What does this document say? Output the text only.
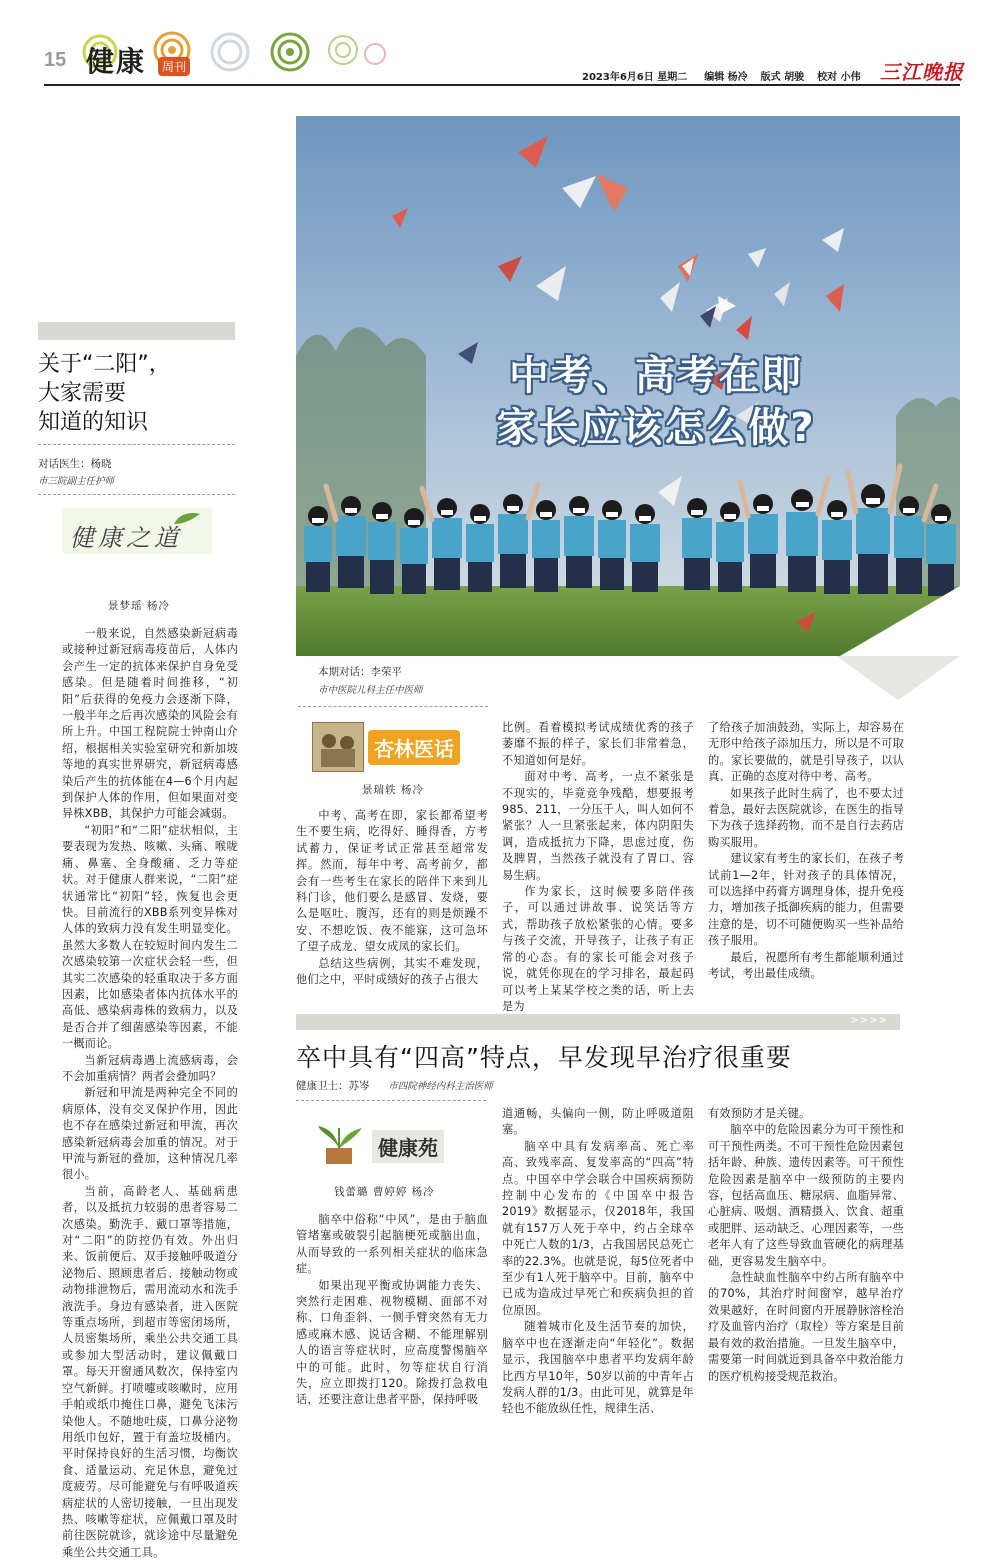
15 健康	周刊
2023年6月6日 星期二 编辑 杨冷 版式 胡骏 校对 小伟 三江晚报
关于“二阳”，
大家需要
知道的知识
对话医生：杨晓
市三院副主任护师
健康之道
景梦瑶 杨冷

一般来说，自然感染新冠病毒或接种过新冠病毒疫苗后，人体内会产生一定的抗体来保护自身免受感染。但是随着时间推移，“初阳”后获得的免疫力会逐渐下降，一般半年之后再次感染的风险会有所上升。中国工程院院士钟南山介绍，根据相关实验室研究和新加坡等地的真实世界研究，新冠病毒感染后产生的抗体能在4—6个月内起到保护人体的作用，但如果面对变异株XBB，其保护力可能会减弱。

“初阳”和“二阳”症状相似，主要表现为发热、咳嗽、头痛、喉咙痛、鼻塞、全身酸痛、乏力等症状。对于健康人群来说，“二阳”症状通常比“初阳”轻，恢复也会更快。目前流行的XBB系列变异株对人体的致病力没有发生明显变化。虽然大多数人在较短时间内发生二次感染较第一次症状会轻一些，但其实二次感染的轻重取决于多方面因素，比如感染者体内抗体水平的高低、感染病毒株的致病力，以及是否合并了细菌感染等因素，不能一概而论。

当新冠病毒遇上流感病毒，会不会加重病情？两者会叠加吗？

新冠和甲流是两种完全不同的病原体，没有交叉保护作用，因此也不存在感染过新冠和甲流，再次感染新冠病毒会加重的情况。对于甲流与新冠的叠加，这种情况几率很小。

当前，高龄老人、基础病患者，以及抵抗力较弱的患者容易二次感染。勤洗手、戴口罩等措施，对“二阳”的防控仍有效。外出归来、饭前便后、双手接触呼吸道分泌物后、照顾患者后、接触动物或动物排泄物后，需用流动水和洗手液洗手。身边有感染者，进入医院等重点场所，到超市等密闭场所，人员密集场所，乘坐公共交通工具或参加大型活动时，建议佩戴口罩。每天开窗通风数次，保持室内空气新鲜。打喷嚏或咳嗽时，应用手帕或纸巾掩住口鼻，避免飞沫污染他人。不随地吐痰，口鼻分泌物用纸巾包好，置于有盖垃圾桶内。平时保持良好的生活习惯，均衡饮食、适量运动、充足休息，避免过度疲劳。尽可能避免与有呼吸道疾病症状的人密切接触，一旦出现发热、咳嗽等症状，应佩戴口罩及时前往医院就诊，就诊途中尽量避免乘坐公共交通工具。

中考、高考在即
家长应该怎么做?
本期对话：李荣平
市中医院儿科主任中医师
杏林医话
景瑞轶 杨冷

中考、高考在即，家长都希望考生不要生病，吃得好、睡得香，方考试蓄力，保证考试正常甚至超常发挥。然而，每年中考、高考前夕，都会有一些考生在家长的陪伴下来到儿科门诊，他们要么是感冒、发烧，要么是呕吐、腹泻，还有的则是烦躁不安、不想吃饭、夜不能寐，这可急坏了望子成龙、望女成凤的家长们。

总结这些病例，其实不难发现，他们之中，平时成绩好的孩子占很大

比例。看着模拟考试成绩优秀的孩子萎靡不振的样子，家长们非常着急，不知道如何是好。

面对中考、高考，一点不紧张是不现实的，毕竟竞争残酷，想要报考985、211，一分压千人，叫人如何不紧张？人一旦紧张起来，体内阴阳失调，造成抵抗力下降，思虑过度，伤及脾胃，当然孩子就没有了胃口、容易生病。

作为家长，这时候要多陪伴孩子，可以通过讲故事、说笑话等方式，帮助孩子放松紧张的心情。要多与孩子交流，开导孩子，让孩子有正常的心态。有的家长可能会对孩子说，就凭你现在的学习排名，最起码可以考上某某学校之类的话，听上去是为

了给孩子加油鼓劲，实际上，却容易在无形中给孩子添加压力，所以是不可取的。家长要做的，就是引导孩子，以认真、正确的态度对待中考、高考。

如果孩子此时生病了，也不要太过着急，最好去医院就诊，在医生的指导下为孩子选择药物，而不是自行去药店购买服用。

建议家有考生的家长们，在孩子考试前1—2年，针对孩子的具体情况，可以选择中药膏方调理身体，提升免疫力，增加孩子抵御疾病的能力，但需要注意的是，切不可随便购买一些补品给孩子服用。

最后，祝愿所有考生都能顺利通过考试，考出最佳成绩。

>>>>
卒中具有“四高”特点，早发现早治疗很重要
健康卫士：苏岑 市四院神经内科主治医师
健康苑
钱蕾璐 曹婷婷 杨冷

脑卒中俗称“中风”，是由于脑血管堵塞或破裂引起脑梗死或脑出血，从而导致的一系列相关症状的临床急症。

如果出现平衡或协调能力丧失、突然行走困难、视物模糊、面部不对称、口角歪斜、一侧手臂突然有无力感或麻木感、说话含糊、不能理解别人的语言等症状时，应高度警惕脑卒中的可能。此时，勿等症状自行消失，应立即拨打120。除拨打急救电话，还要注意让患者平卧，保持呼吸

道通畅，头偏向一侧，防止呼吸道阻塞。

脑卒中具有发病率高、死亡率高、致残率高、复发率高的“四高”特点。中国卒中学会联合中国疾病预防控制中心发布的《中国卒中报告2019》数据显示，仅2018年，我国就有157万人死于卒中，约占全球卒中死亡人数的1/3，占我国居民总死亡率的22.3%。也就是说，每5位死者中至少有1人死于脑卒中。目前，脑卒中已成为造成过早死亡和疾病负担的首位原因。

随着城市化及生活节奏的加快，脑卒中也在逐渐走向“年轻化”。数据显示，我国脑卒中患者平均发病年龄比西方早10年，50岁以前的中青年占发病人群的1/3。由此可见，就算是年轻也不能放纵任性，规律生活、

有效预防才是关键。

脑卒中的危险因素分为可干预性和可干预性两类。不可干预性危险因素包括年龄、种族、遗传因素等。可干预性危险因素是脑卒中一级预防的主要内容，包括高血压、糖尿病、血脂异常、心脏病、吸烟、酒精摄入、饮食、超重或肥胖、运动缺乏、心理因素等，一些老年人有了这些导致血管硬化的病理基础，更容易发生脑卒中。

急性缺血性脑卒中约占所有脑卒中的70%，其治疗时间窗窄，越早治疗效果越好，在时间窗内开展静脉溶栓治疗及血管内治疗（取栓）等方案是目前最有效的救治措施。一旦发生脑卒中，需要第一时间就近到具备卒中救治能力的医疗机构接受规范救治。
